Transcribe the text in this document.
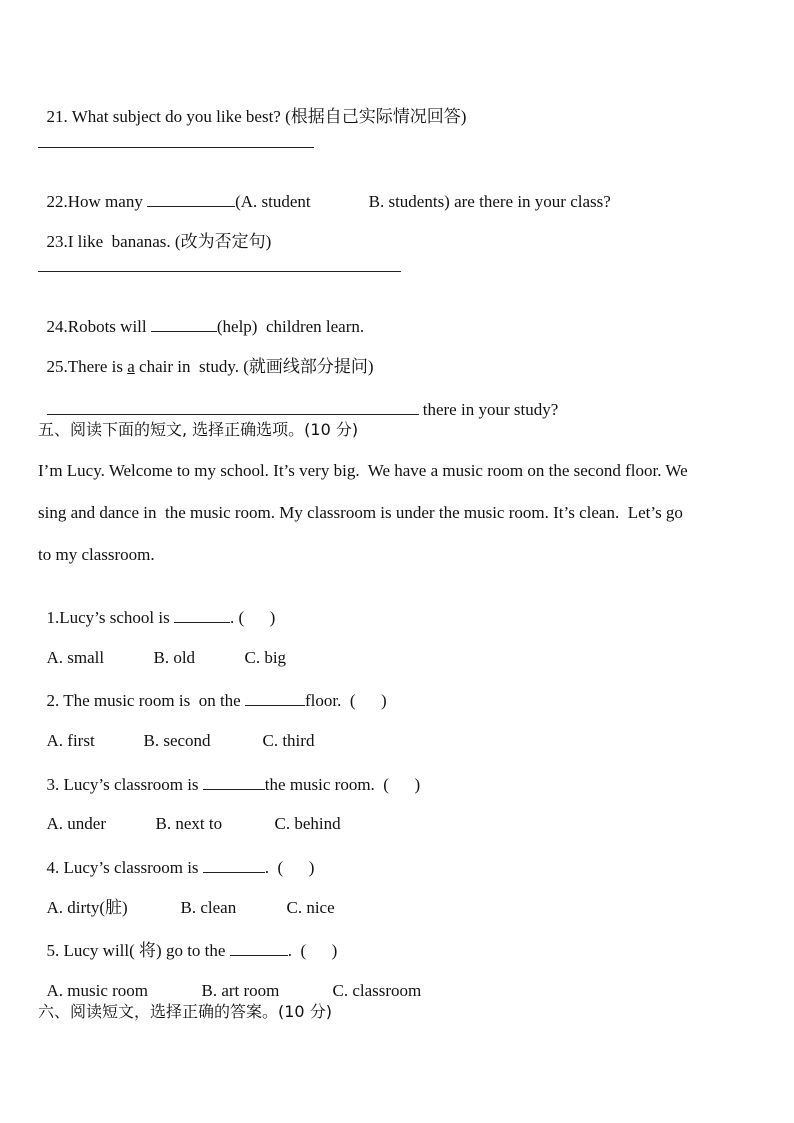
21. What subject do you like best? (根据自己实际情况回答)

22.How many	(A. student	B. students) are there in your class?

23.I like  bananas. (改为否定句)

24.Robots will	(help)  children learn.

25.There is a chair in  study. (就画线部分提问)

there in your study?

五、阅读下面的短文, 选择正确选项。(10 分)
I’m Lucy. Welcome to my school. It’s very big.  We have a music room on the second floor. We
sing and dance in  the music room. My classroom is under the music room. It’s clean.  Let’s go
to my classroom.

1.Lucy’s school is	. (      )

A. small	B. old	C. big

2. The music room is  on the	floor.  (      )

A. first	B. second	C. third

3. Lucy’s classroom is	the music room.  (      )

A. under	B. next to	C. behind

4. Lucy’s classroom is	.  (      )

A. dirty(脏)	B. clean	C. nice

5. Lucy will( 将) go to the	.  (      )

A. music room	B. art room	C. classroom

六、阅读短文，选择正确的答案。(10 分)
